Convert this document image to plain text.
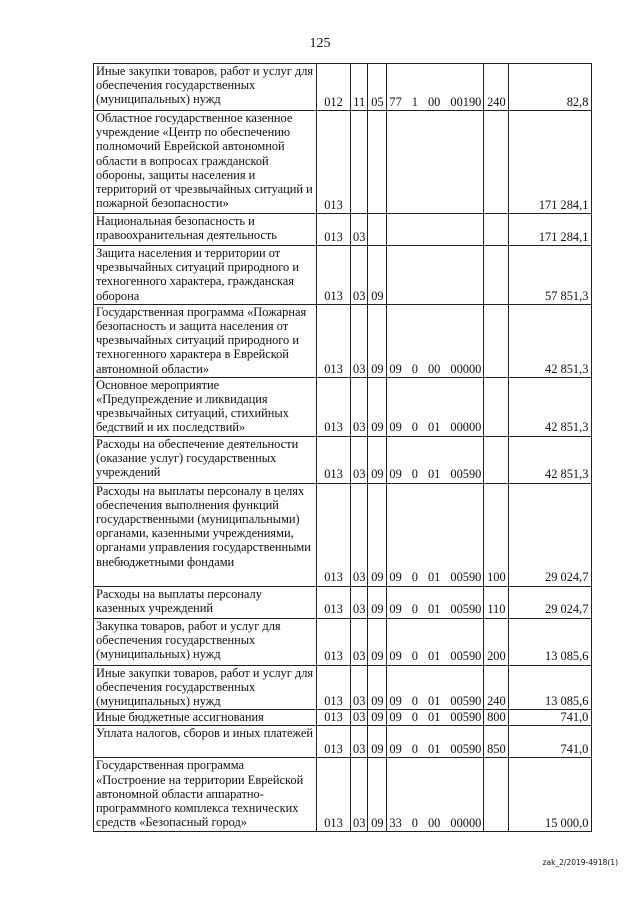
125
Иные закупки товаров, работ и услуг для обеспечения государственных (муниципальных) нужд	012	11	05	77 1 00 00190	240	82,8
Областное государственное казенное учреждение «Центр по обеспечению полномочий Еврейской автономной области в вопросах гражданской обороны, защиты населения и территорий от чрезвычайных ситуаций и пожарной безопасности»	013					171 284,1
Национальная безопасность и правоохранительная деятельность	013	03				171 284,1
Защита населения и территории от чрезвычайных ситуаций природного и техногенного характера, гражданская оборона	013	03	09			57 851,3
Государственная программа «Пожарная безопасность и защита населения от чрезвычайных ситуаций природного и техногенного характера в Еврейской автономной области»	013	03	09	09 0 00 00000		42 851,3
Основное мероприятие «Предупреждение и ликвидация чрезвычайных ситуаций, стихийных бедствий и их последствий»	013	03	09	09 0 01 00000		42 851,3
Расходы на обеспечение деятельности (оказание услуг) государственных учреждений	013	03	09	09 0 01 00590		42 851,3
Расходы на выплаты персоналу в целях обеспечения выполнения функций государственными (муниципальными) органами, казенными учреждениями, органами управления государственными внебюджетными фондами	013	03	09	09 0 01 00590	100	29 024,7
Расходы на выплаты персоналу казенных учреждений	013	03	09	09 0 01 00590	110	29 024,7
Закупка товаров, работ и услуг для обеспечения государственных (муниципальных) нужд	013	03	09	09 0 01 00590	200	13 085,6
Иные закупки товаров, работ и услуг для обеспечения государственных (муниципальных) нужд	013	03	09	09 0 01 00590	240	13 085,6
Иные бюджетные ассигнования	013	03	09	09 0 01 00590	800	741,0
Уплата налогов, сборов и иных платежей	013	03	09	09 0 01 00590	850	741,0
Государственная программа «Построение на территории Еврейской автономной области аппаратно-программного комплекса технических средств «Безопасный город»	013	03	09	33 0 00 00000		15 000,0
zak_2/2019-4918(1)
